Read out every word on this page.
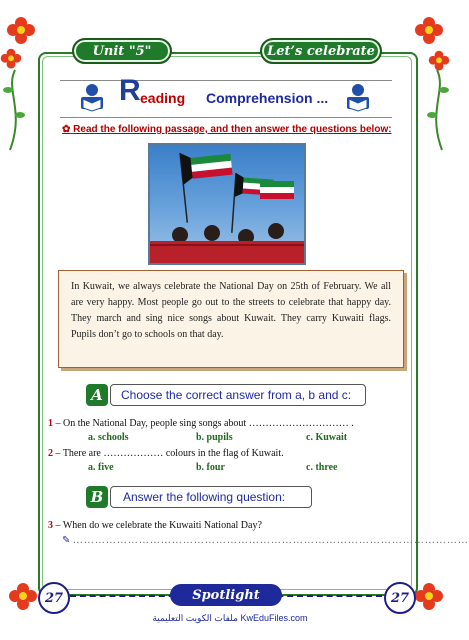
Unit "5"	Let’s celebrate
R eading Comprehension ...
✿ Read the following passage, and then answer the questions below:

In Kuwait, we always celebrate the National Day on 25th of February. We all are very happy. Most people go out to the streets to celebrate that happy day. They march and sing nice songs about Kuwait. They carry Kuwaiti flags. Pupils don’t go to schools on that day.

A	Choose the correct answer from a, b and c:
1 – On the National Day, people sing songs about ………………………… .
a. schools	b. pupils	c. Kuwait
2 – There are ……………… colours in the flag of Kuwait.
a. five	b. four	c. three
B	Answer the following question:
3 – When do we celebrate the Kuwaiti National Day?
✎ ………………………………………………………………………………………………
27	27
Spotlight
ملفات الكويت التعليمية KwEduFiles.com
